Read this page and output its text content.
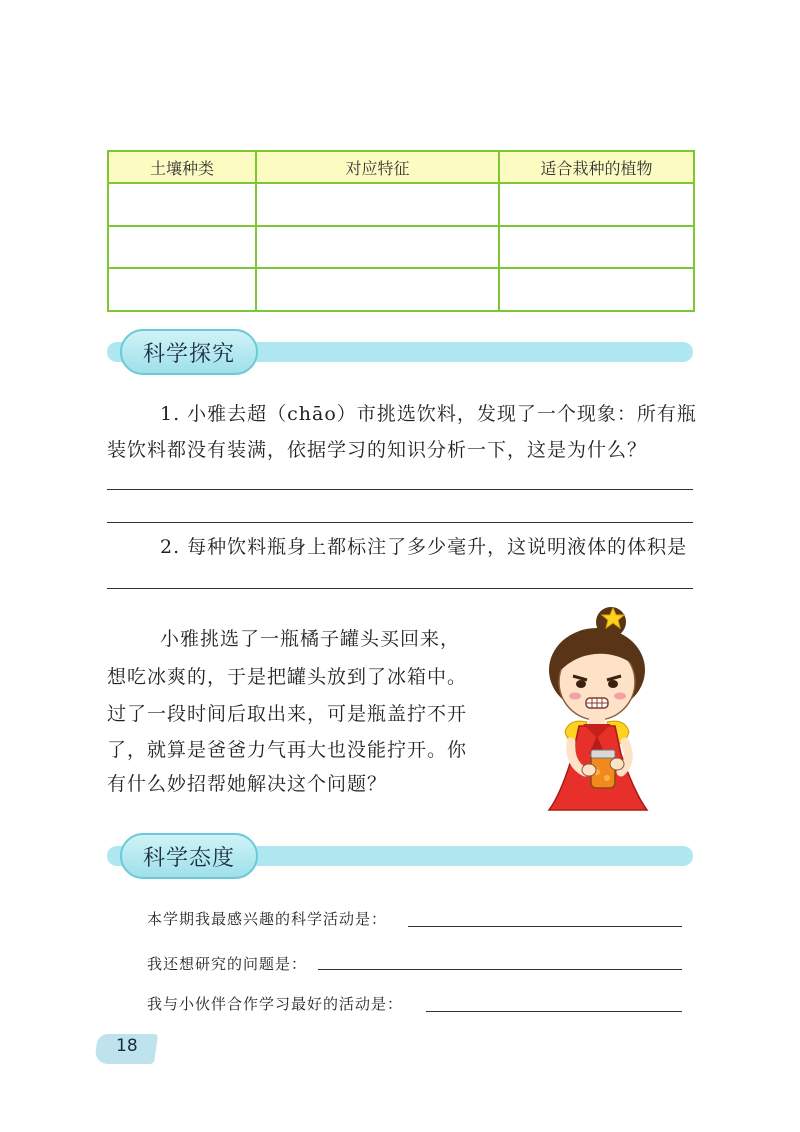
土壤种类	对应特征	适合栽种的植物

科学探究
1. 小雅去超（chāo）市挑选饮料，发现了一个现象：所有瓶
装饮料都没有装满，依据学习的知识分析一下，这是为什么？
2. 每种饮料瓶身上都标注了多少毫升，这说明液体的体积是
小雅挑选了一瓶橘子罐头买回来，
想吃冰爽的，于是把罐头放到了冰箱中。
过了一段时间后取出来，可是瓶盖拧不开
了，就算是爸爸力气再大也没能拧开。你
有什么妙招帮她解决这个问题？
科学态度
本学期我最感兴趣的科学活动是：
我还想研究的问题是：
我与小伙伴合作学习最好的活动是：
18
